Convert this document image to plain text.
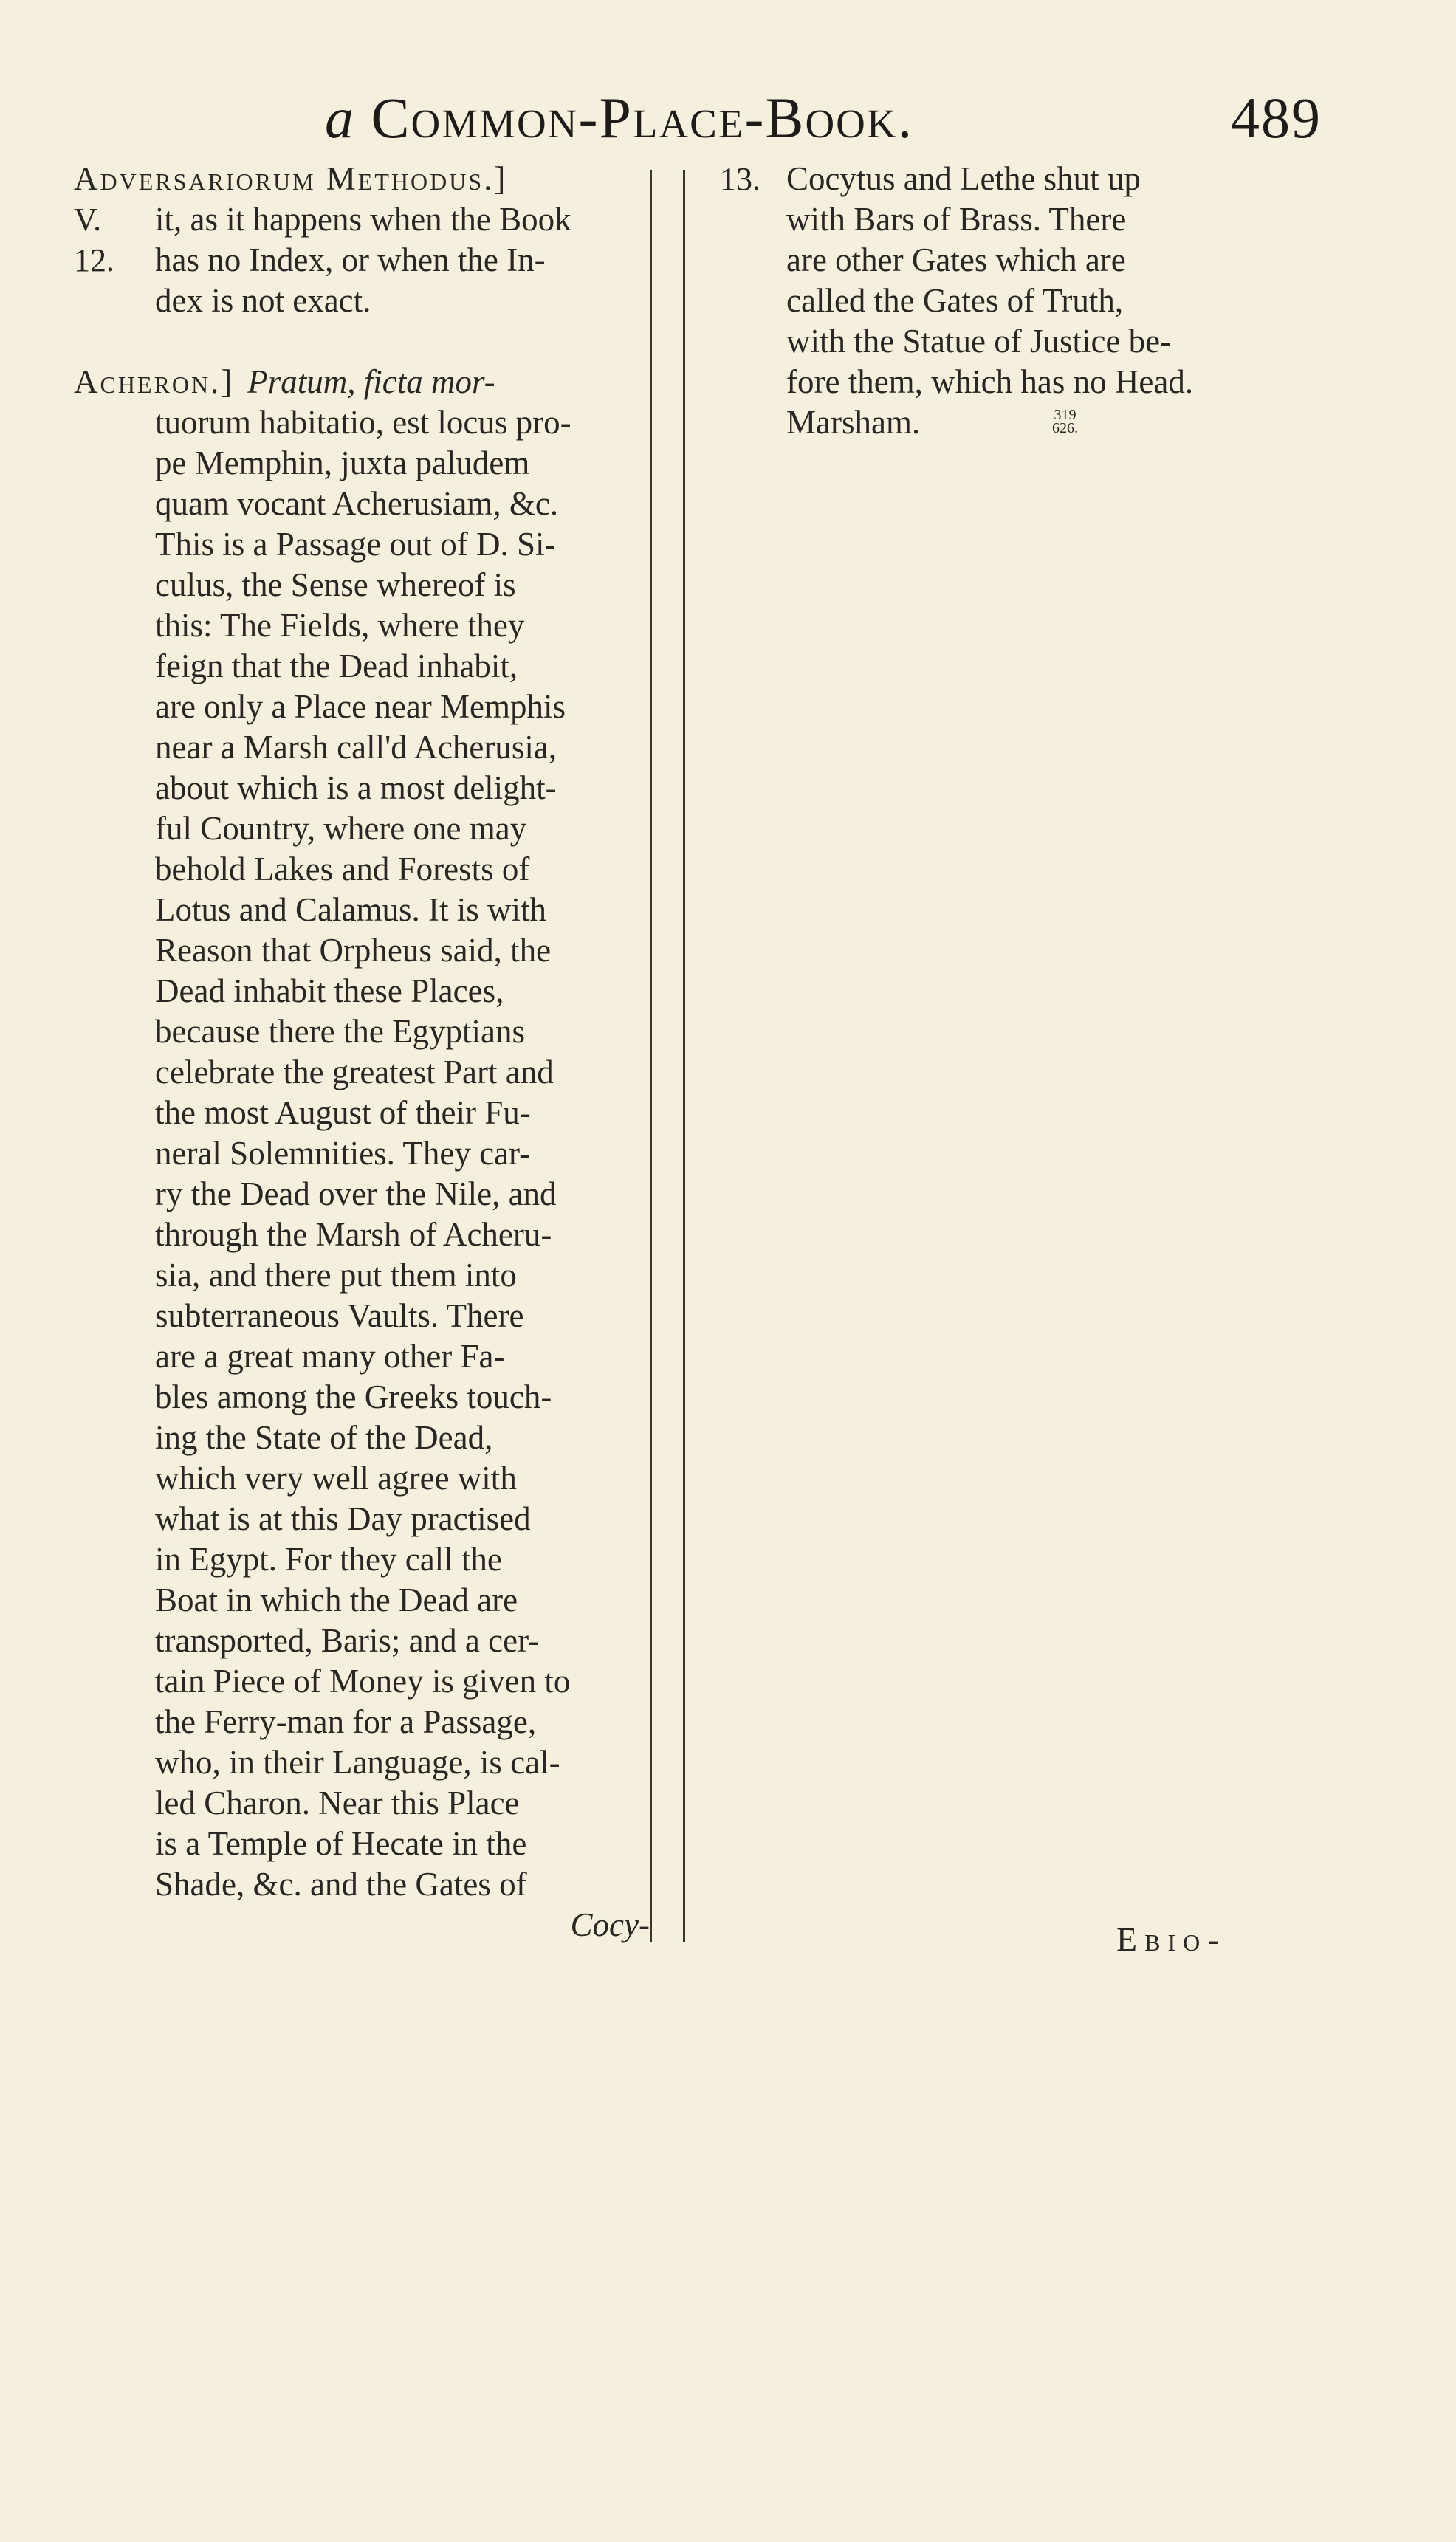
a Common-Place-Book.	489
Adversariorum Methodus.]
it, as it happens when the Book
has no Index, or when the In-
dex is not exact.
Acheron.] Pratum, ficta mor-
tuorum habitatio, est locus pro-
pe Memphin, juxta paludem
quam vocant Acherusiam, &c.
This is a Passage out of D. Si-
culus, the Sense whereof is
this: The Fields, where they
feign that the Dead inhabit,
are only a Place near Memphis
near a Marsh call'd Acherusia,
about which is a most delight-
ful Country, where one may
behold Lakes and Forests of
Lotus and Calamus. It is with
Reason that Orpheus said, the
Dead inhabit these Places,
because there the Egyptians
celebrate the greatest Part and
the most August of their Fu-
neral Solemnities. They car-
ry the Dead over the Nile, and
through the Marsh of Acheru-
sia, and there put them into
subterraneous Vaults. There
are a great many other Fa-
bles among the Greeks touch-
ing the State of the Dead,
which very well agree with
what is at this Day practised
in Egypt. For they call the
Boat in which the Dead are
transported, Baris; and a cer-
tain Piece of Money is given to
the Ferry-man for a Passage,
who, in their Language, is cal-
led Charon. Near this Place
is a Temple of Hecate in the
Shade, &c. and the Gates of
Cocy-
V.
12.
13. Cocytus and Lethe shut up
with Bars of Brass. There
are other Gates which are
called the Gates of Truth,
with the Statue of Justice be-
fore them, which has no Head.
Marsham.	319
626.
Ebio-
